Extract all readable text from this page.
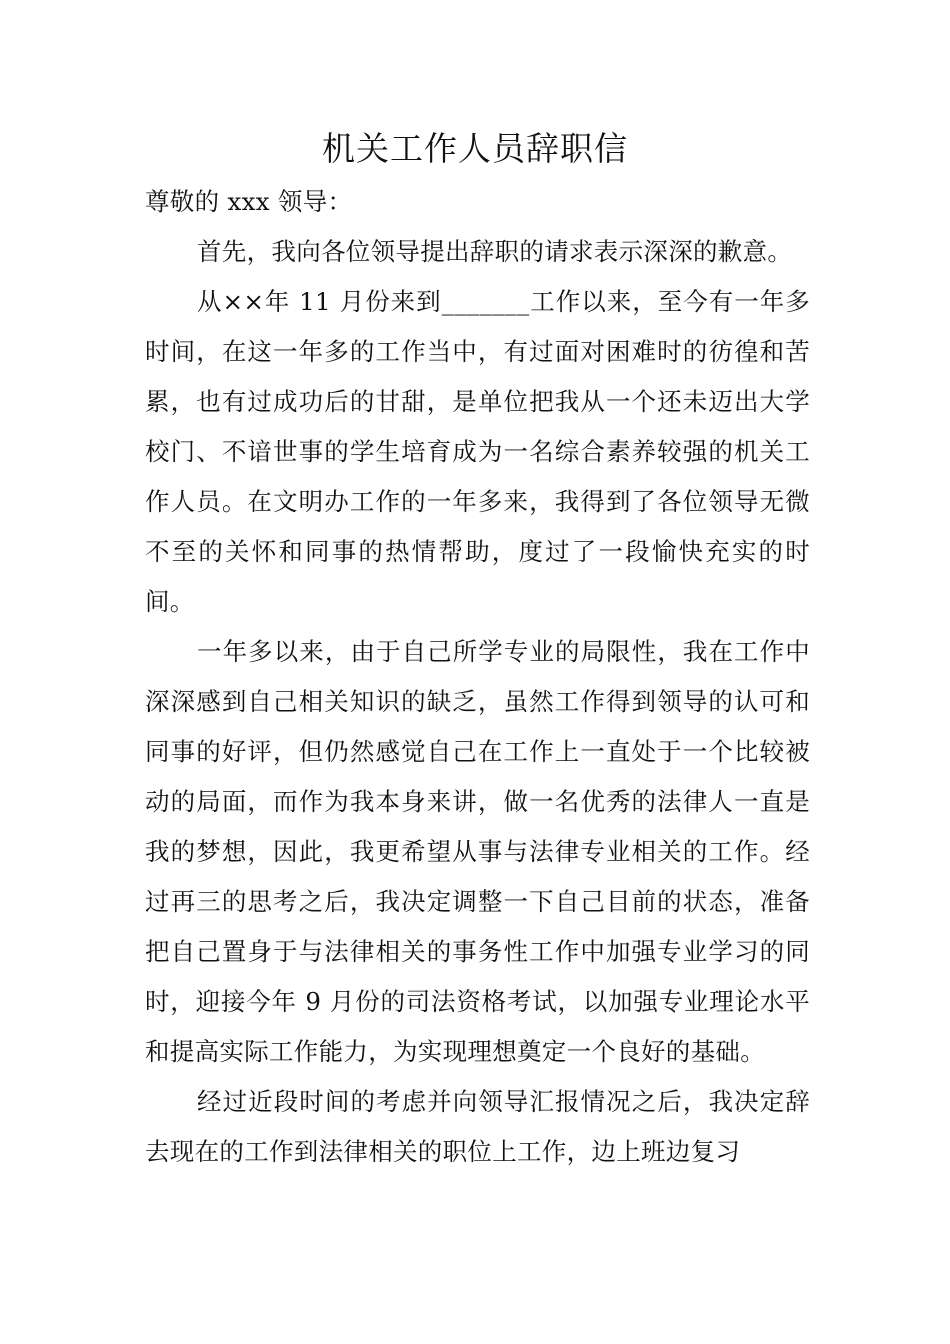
机关工作人员辞职信

尊敬的 xxx 领导：

首先，我向各位领导提出辞职的请求表示深深的歉意。

从××年 11 月份来到_______工作以来，至今有一年多时间，在这一年多的工作当中，有过面对困难时的彷徨和苦累，也有过成功后的甘甜，是单位把我从一个还未迈出大学校门、不谙世事的学生培育成为一名综合素养较强的机关工作人员。在文明办工作的一年多来，我得到了各位领导无微不至的关怀和同事的热情帮助，度过了一段愉快充实的时间。

一年多以来，由于自己所学专业的局限性，我在工作中深深感到自己相关知识的缺乏，虽然工作得到领导的认可和同事的好评，但仍然感觉自己在工作上一直处于一个比较被动的局面，而作为我本身来讲，做一名优秀的法律人一直是我的梦想，因此，我更希望从事与法律专业相关的工作。经过再三的思考之后，我决定调整一下自己目前的状态，准备把自己置身于与法律相关的事务性工作中加强专业学习的同时，迎接今年 9 月份的司法资格考试，以加强专业理论水平和提高实际工作能力，为实现理想奠定一个良好的基础。

经过近段时间的考虑并向领导汇报情况之后，我决定辞去现在的工作到法律相关的职位上工作，边上班边复习
